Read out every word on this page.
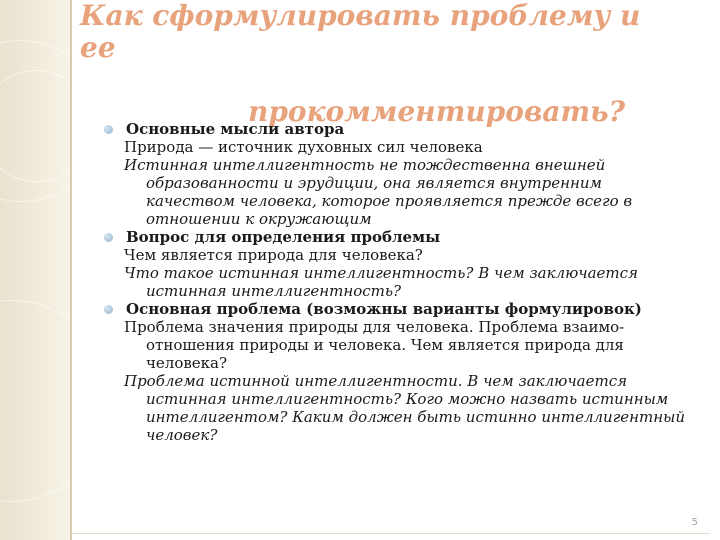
Как сформулировать проблему и
ее
прокомментировать?

Основные мысли автора

Природа — источник духовных сил человека

Истинная интеллигентность не тождественна внешней образованности и эрудиции, она является внутренним качеством человека, которое проявляется прежде всего в отношении к окружающим

Вопрос для определения проблемы

Чем является природа для человека?

Что такое истинная интеллигентность? В чем заключается истинная интеллигентность?

Основная проблема (возможны варианты формулировок)

Проблема значения природы для человека. Проблема взаимо-отношения природы и человека. Чем является природа для человека?

Проблема истинной интеллигентности. В чем заключается истинная интеллигентность? Кого можно назвать истинным интеллигентом? Каким должен быть истинно интеллигентный человек?

5
